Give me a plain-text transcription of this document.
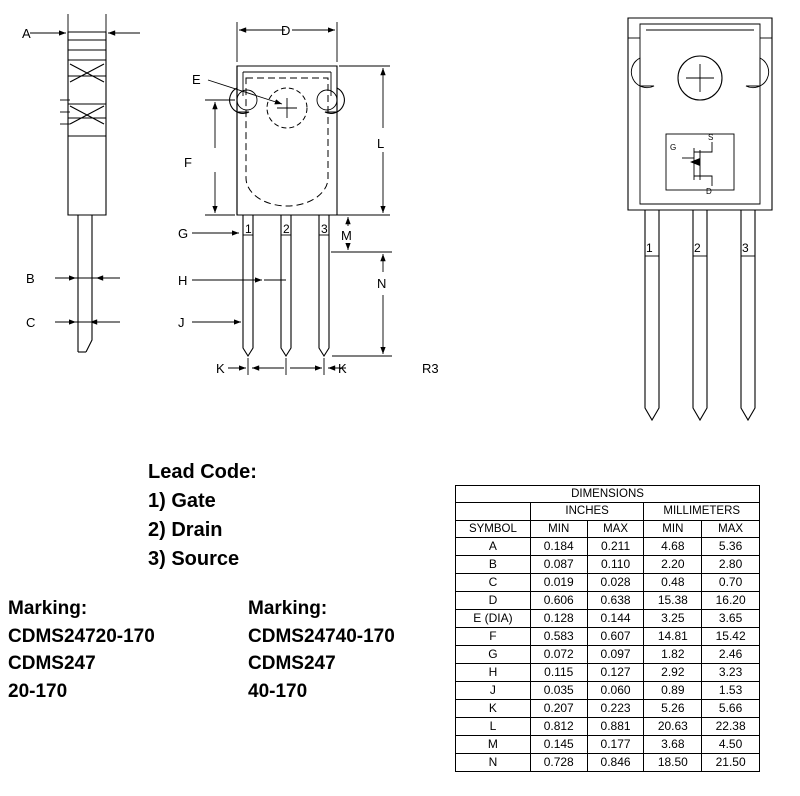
A
B
C
E
1	2	3
D
F
G
H
J
K	K
L
M
N
R3
G
S
D
1	2	3
Lead Code:
1) Gate
2) Drain
3) Source
Marking:
CDMS24720-170
CDMS247
20-170
Marking:
CDMS24740-170
CDMS247
40-170
DIMENSIONS				
	INCHES		MILLIMETERS	
SYMBOL	MIN	MAX	MIN	MAX
A	0.184	0.211	4.68	5.36
B	0.087	0.110	2.20	2.80
C	0.019	0.028	0.48	0.70
D	0.606	0.638	15.38	16.20
E (DIA)	0.128	0.144	3.25	3.65
F	0.583	0.607	14.81	15.42
G	0.072	0.097	1.82	2.46
H	0.115	0.127	2.92	3.23
J	0.035	0.060	0.89	1.53
K	0.207	0.223	5.26	5.66
L	0.812	0.881	20.63	22.38
M	0.145	0.177	3.68	4.50
N	0.728	0.846	18.50	21.50
